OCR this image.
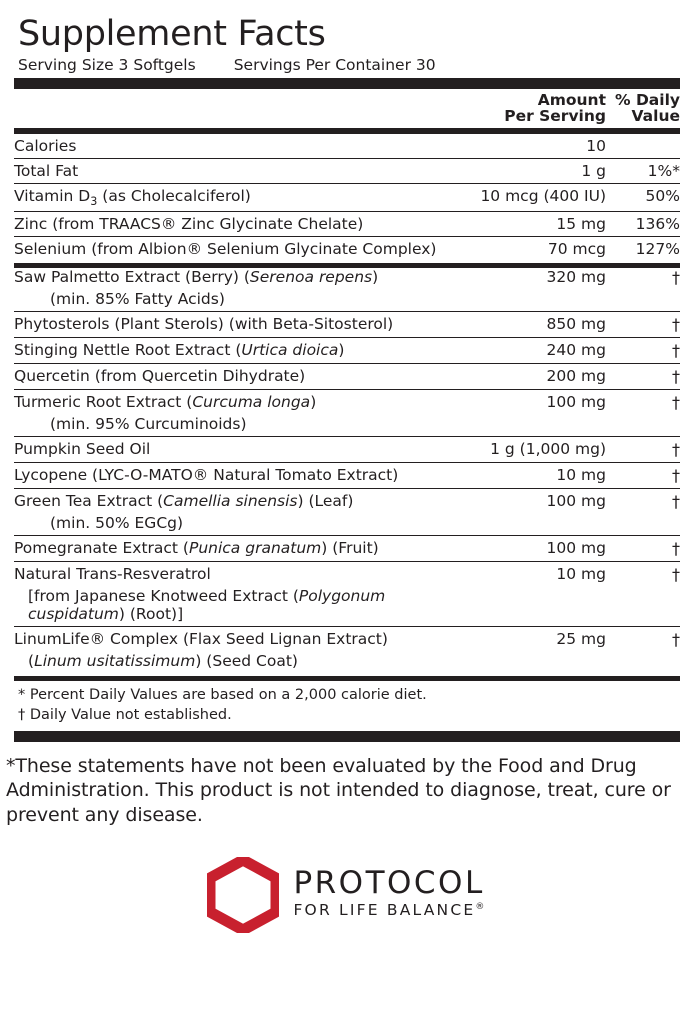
Supplement Facts
Serving Size 3 Softgels Servings Per Container 30
	Amount
Per Serving	% Daily
Value

Calories	10	
Total Fat	1 g	1%*
Vitamin $D_3$ (as Cholecalciferol)	10 mcg (400 IU)	50%
Zinc (from TRAACS® Zinc Glycinate Chelate)	15 mg	136%
Selenium (from Albion® Selenium Glycinate Complex)	70 mcg	127%

Saw Palmetto Extract (Berry) (Serenoa repens)	320 mg	†
(min. 85% Fatty Acids)		
Phytosterols (Plant Sterols) (with Beta-Sitosterol)	850 mg	†
Stinging Nettle Root Extract (Urtica dioica)	240 mg	†
Quercetin (from Quercetin Dihydrate)	200 mg	†
Turmeric Root Extract (Curcuma longa)	100 mg	†
(min. 95% Curcuminoids)		
Pumpkin Seed Oil	1 g (1,000 mg)	†
Lycopene (LYC-O-MATO® Natural Tomato Extract)	10 mg	†
Green Tea Extract (Camellia sinensis) (Leaf)	100 mg	†
(min. 50% EGCg)		
Pomegranate Extract (Punica granatum) (Fruit)	100 mg	†
Natural Trans-Resveratrol	10 mg	†
[from Japanese Knotweed Extract (Polygonum cuspidatum) (Root)]		
LinumLife® Complex (Flax Seed Lignan Extract)	25 mg	†
(Linum usitatissimum) (Seed Coat)		

* Percent Daily Values are based on a 2,000 calorie diet.
† Daily Value not established.
*These statements have not been evaluated by the Food and Drug Administration. This product is not intended to diagnose, treat, cure or prevent any disease.
PROTOCOL
FOR LIFE BALANCE®
